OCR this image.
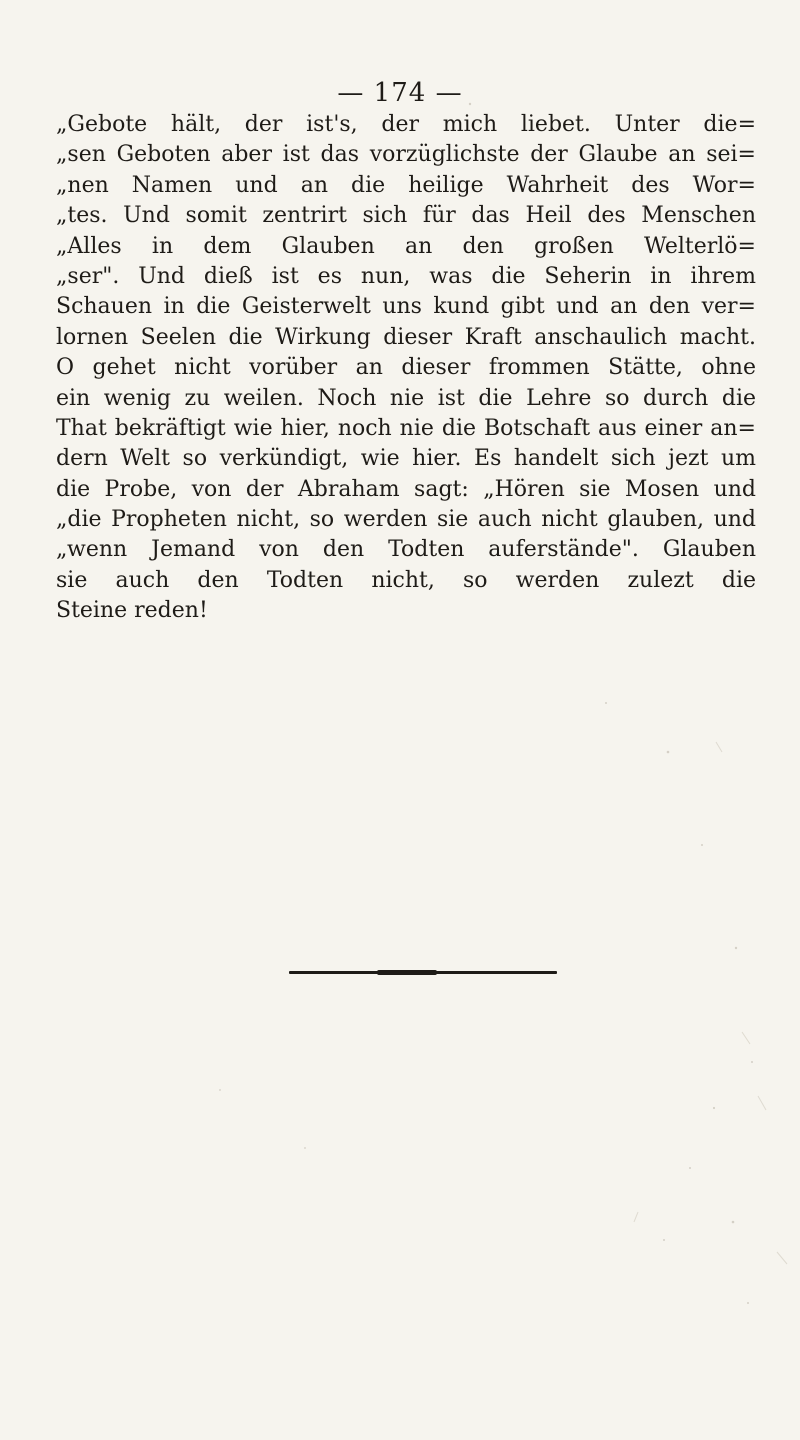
— 174 —
„Gebote hält, der ist's, der mich liebet. Unter die=
„sen Geboten aber ist das vorzüglichste der Glaube an sei=
„nen Namen und an die heilige Wahrheit des Wor=
„tes. Und somit zentrirt sich für das Heil des Menschen
„Alles in dem Glauben an den großen Welterlö=
„ser". Und dieß ist es nun, was die Seherin in ihrem
Schauen in die Geisterwelt uns kund gibt und an den ver=
lornen Seelen die Wirkung dieser Kraft anschaulich macht.
O gehet nicht vorüber an dieser frommen Stätte, ohne
ein wenig zu weilen. Noch nie ist die Lehre so durch die
That bekräftigt wie hier, noch nie die Botschaft aus einer an=
dern Welt so verkündigt, wie hier. Es handelt sich jezt um
die Probe, von der Abraham sagt: „Hören sie Mosen und
„die Propheten nicht, so werden sie auch nicht glauben, und
„wenn Jemand von den Todten auferstände". Glauben
sie auch den Todten nicht, so werden zulezt die
Steine reden!
